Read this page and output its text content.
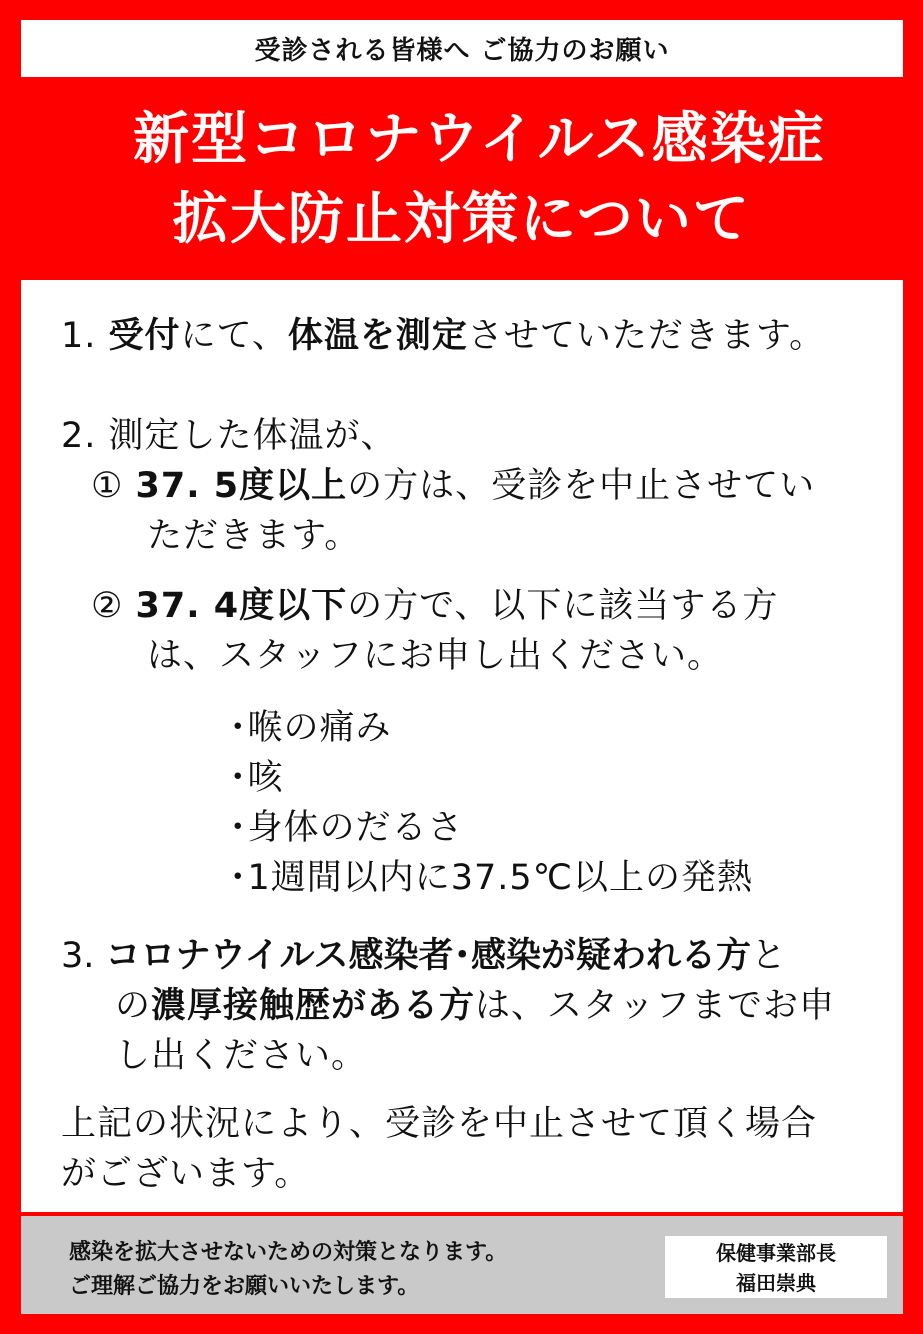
受診される皆様へ ご協力のお願い
新型コロナウイルス感染症
拡大防止対策について
1. 受付にて、体温を測定させていただきます。
2. 測定した体温が、
① 37. 5度以上の方は、受診を中止させてい
ただきます。
② 37. 4度以下の方で、以下に該当する方
は、スタッフにお申し出ください。
･喉の痛み
･咳
･身体のだるさ
･1週間以内に37.5℃以上の発熱
3. コロナウイルス感染者･感染が疑われる方と
の濃厚接触歴がある方は、スタッフまでお申
し出ください。
上記の状況により、受診を中止させて頂く場合
がございます。
感染を拡大させないための対策となります。
ご理解ご協力をお願いいたします。
保健事業部長
福田崇典
